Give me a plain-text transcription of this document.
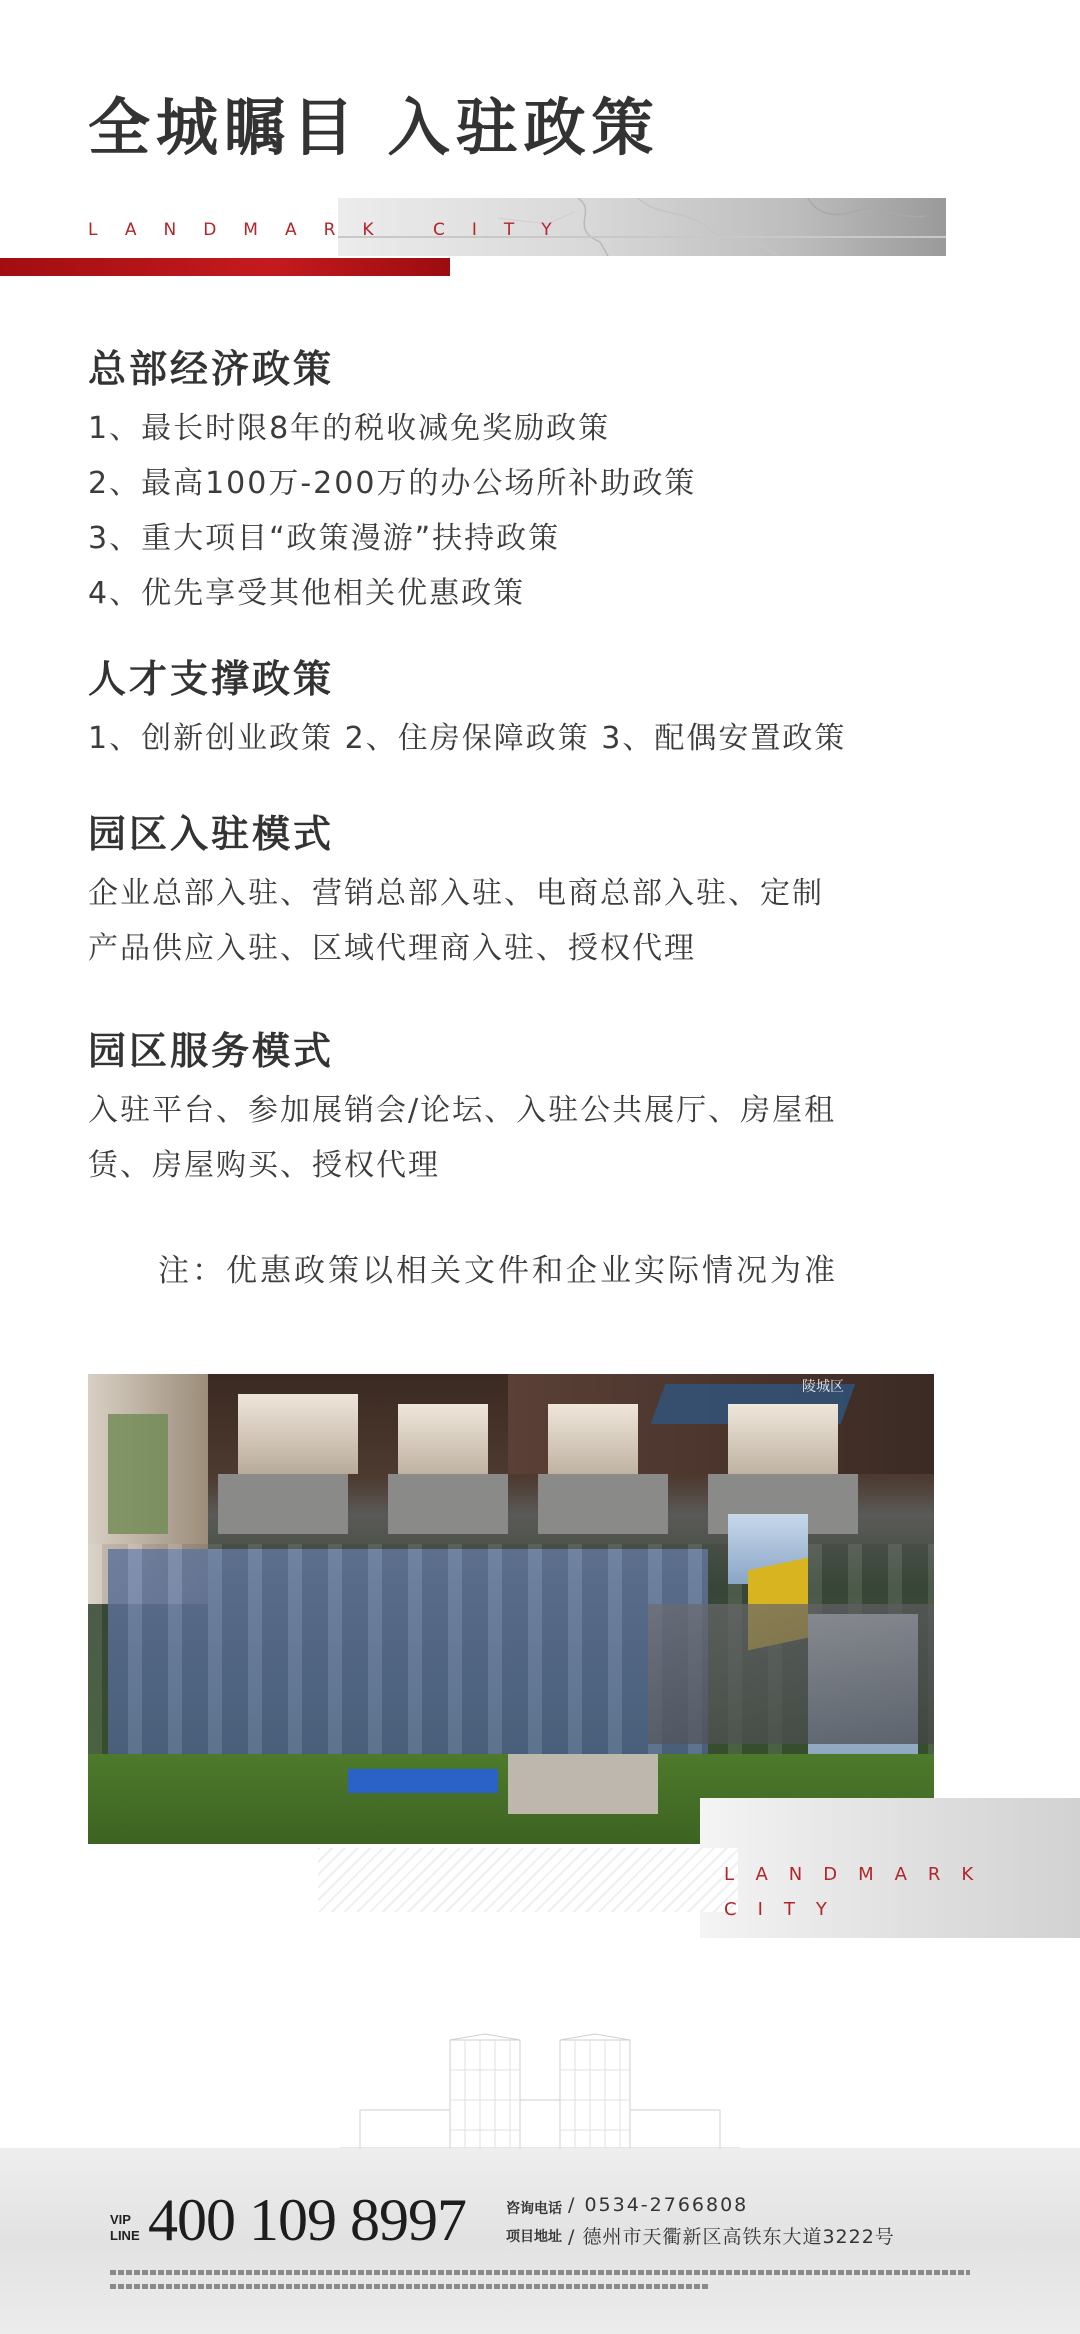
全城瞩目 入驻政策
LANDMARK CITY
总部经济政策
1、最长时限8年的税收减免奖励政策
2、最高100万-200万的办公场所补助政策
3、重大项目“政策漫游”扶持政策
4、优先享受其他相关优惠政策
人才支撑政策
1、创新创业政策 2、住房保障政策 3、配偶安置政策
园区入驻模式
企业总部入驻、营销总部入驻、电商总部入驻、定制
产品供应入驻、区域代理商入驻、授权代理
园区服务模式
入驻平台、参加展销会/论坛、入驻公共展厅、房屋租
赁、房屋购买、授权代理
注：优惠政策以相关文件和企业实际情况为准
陵城区
LANDMARK
CITY
VIP LINE 400 109 8997	咨询电话 / 0534-2766808
项目地址 / 德州市天衢新区高铁东大道3222号
